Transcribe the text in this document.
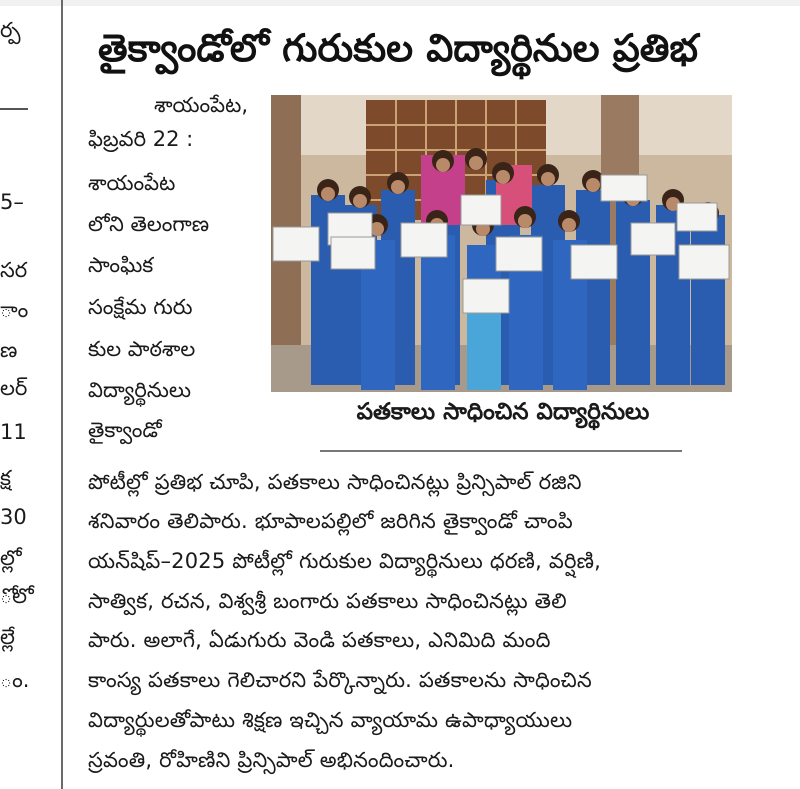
ర్ప
5–
సర
ాం
ణ
లర్
11
క్ష
30
ల్లో
ోలో
ల్లే
ం.
తైక్వాండోలో గురుకుల విద్యార్థినుల ప్రతిభ
శాయంపేట,
ఫిబ్రవరి 22 :
శాయంపేట
లోని తెలంగాణ
సాంఘిక
సంక్షేమ గురు
కుల పాఠశాల
విద్యార్థినులు
తైక్వాండో
పతకాలు సాధించిన విద్యార్థినులు
పోటీల్లో ప్రతిభ చూపి, పతకాలు సాధించినట్లు ప్రిన్సిపాల్ రజిని
శనివారం తెలిపారు. భూపాలపల్లిలో జరిగిన తైక్వాండో చాంపి
యన్‌షిప్–2025 పోటీల్లో గురుకుల విద్యార్థినులు ధరణి, వర్షిణి,
సాత్విక, రచన, విశ్వశ్రీ బంగారు పతకాలు సాధించినట్లు తెలి
పారు. అలాగే, ఏడుగురు వెండి పతకాలు, ఎనిమిది మంది
కాంస్య పతకాలు గెలిచారని పేర్కొన్నారు. పతకాలను సాధించిన
విద్యార్థులతోపాటు శిక్షణ ఇచ్చిన వ్యాయామ ఉపాధ్యాయులు
స్రవంతి, రోహిణిని ప్రిన్సిపాల్ అభినందించారు.
